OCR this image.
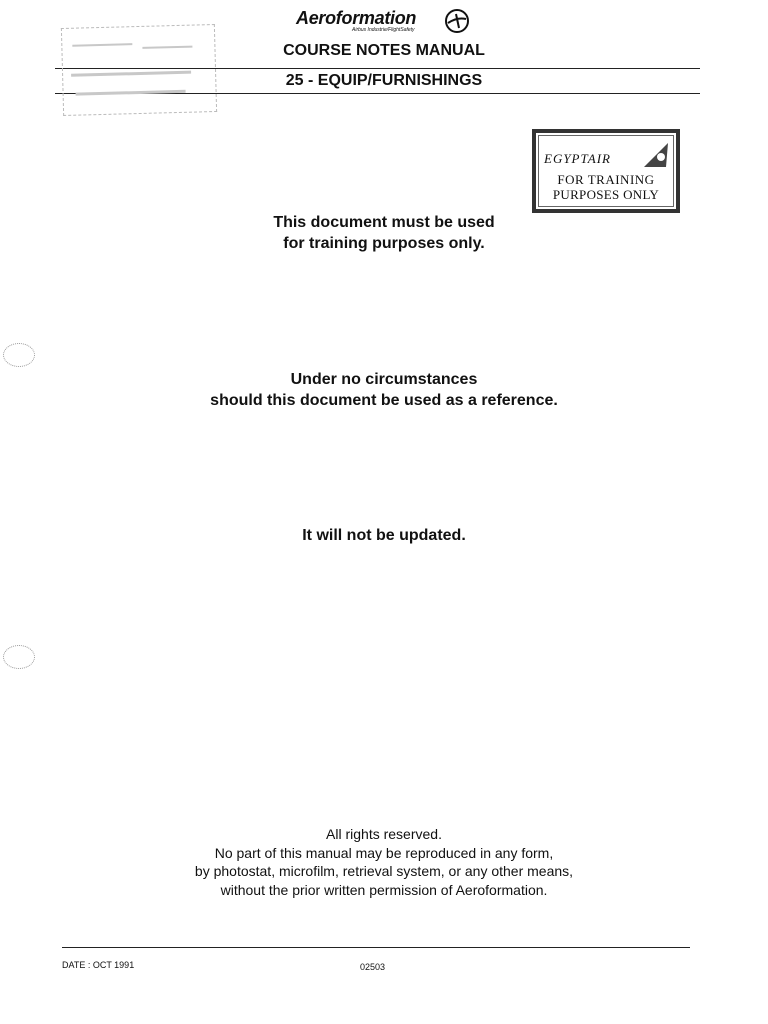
Aeroformation
Airbus Industrie/FlightSafety
COURSE NOTES MANUAL
25 - EQUIP/FURNISHINGS
EGYPTAIR
FOR TRAINING
PURPOSES ONLY
This document must be used
for training purposes only.
Under no circumstances
should this document be used as a reference.
It will not be updated.
All rights reserved.
No part of this manual may be reproduced in any form,
by photostat, microfilm, retrieval system, or any other means,
without the prior written permission of Aeroformation.
DATE : OCT 1991	02503
